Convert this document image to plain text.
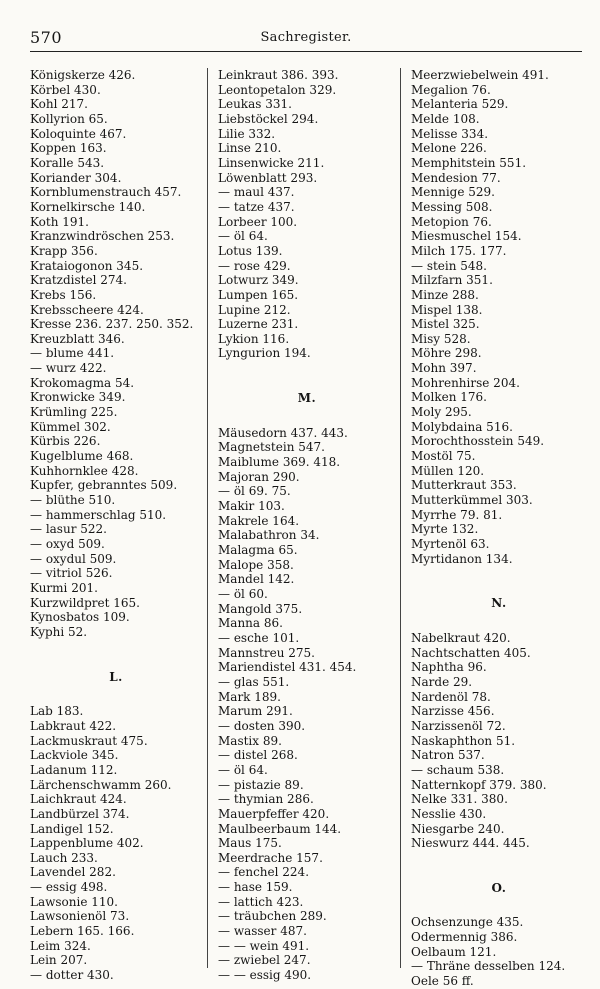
570	Sachregister.
Königskerze 426.
Körbel 430.
Kohl 217.
Kollyrion 65.
Koloquinte 467.
Koppen 163.
Koralle 543.
Koriander 304.
Kornblumenstrauch 457.
Kornelkirsche 140.
Koth 191.
Kranzwindröschen 253.
Krapp 356.
Krataiogonon 345.
Kratzdistel 274.
Krebs 156.
Krebsscheere 424.
Kresse 236. 237. 250. 352.
Kreuzblatt 346.
— blume 441.
— wurz 422.
Krokomagma 54.
Kronwicke 349.
Krümling 225.
Kümmel 302.
Kürbis 226.
Kugelblume 468.
Kuhhornklee 428.
Kupfer, gebranntes 509.
— blüthe 510.
— hammerschlag 510.
— lasur 522.
— oxyd 509.
— oxydul 509.
— vitriol 526.
Kurmi 201.
Kurzwildpret 165.
Kynosbatos 109.
Kyphi 52.
L.
Lab 183.
Labkraut 422.
Lackmuskraut 475.
Lackviole 345.
Ladanum 112.
Lärchenschwamm 260.
Laichkraut 424.
Landbürzel 374.
Landigel 152.
Lappenblume 402.
Lauch 233.
Lavendel 282.
— essig 498.
Lawsonie 110.
Lawsonienöl 73.
Lebern 165. 166.
Leim 324.
Lein 207.
— dotter 430.
Leinkraut 386. 393.
Leontopetalon 329.
Leukas 331.
Liebstöckel 294.
Lilie 332.
Linse 210.
Linsenwicke 211.
Löwenblatt 293.
— maul 437.
— tatze 437.
Lorbeer 100.
— öl 64.
Lotus 139.
— rose 429.
Lotwurz 349.
Lumpen 165.
Lupine 212.
Luzerne 231.
Lykion 116.
Lyngurion 194.
M.
Mäusedorn 437. 443.
Magnetstein 547.
Maiblume 369. 418.
Majoran 290.
— öl 69. 75.
Makir 103.
Makrele 164.
Malabathron 34.
Malagma 65.
Malope 358.
Mandel 142.
— öl 60.
Mangold 375.
Manna 86.
— esche 101.
Mannstreu 275.
Mariendistel 431. 454.
— glas 551.
Mark 189.
Marum 291.
— dosten 390.
Mastix 89.
— distel 268.
— öl 64.
— pistazie 89.
— thymian 286.
Mauerpfeffer 420.
Maulbeerbaum 144.
Maus 175.
Meerdrache 157.
— fenchel 224.
— hase 159.
— lattich 423.
— träubchen 289.
— wasser 487.
— — wein 491.
— zwiebel 247.
— — essig 490.
Meerzwiebelwein 491.
Megalion 76.
Melanteria 529.
Melde 108.
Melisse 334.
Melone 226.
Memphitstein 551.
Mendesion 77.
Mennige 529.
Messing 508.
Metopion 76.
Miesmuschel 154.
Milch 175. 177.
— stein 548.
Milzfarn 351.
Minze 288.
Mispel 138.
Mistel 325.
Misy 528.
Möhre 298.
Mohn 397.
Mohrenhirse 204.
Molken 176.
Moly 295.
Molybdaina 516.
Morochthosstein 549.
Mostöl 75.
Müllen 120.
Mutterkraut 353.
Mutterkümmel 303.
Myrrhe 79. 81.
Myrte 132.
Myrtenöl 63.
Myrtidanon 134.
N.
Nabelkraut 420.
Nachtschatten 405.
Naphtha 96.
Narde 29.
Nardenöl 78.
Narzisse 456.
Narzissenöl 72.
Naskaphthon 51.
Natron 537.
— schaum 538.
Natternkopf 379. 380.
Nelke 331. 380.
Nesslie 430.
Niesgarbe 240.
Nieswurz 444. 445.
O.
Ochsenzunge 435.
Odermennig 386.
Oelbaum 121.
— Thräne desselben 124.
Oele 56 ff.
